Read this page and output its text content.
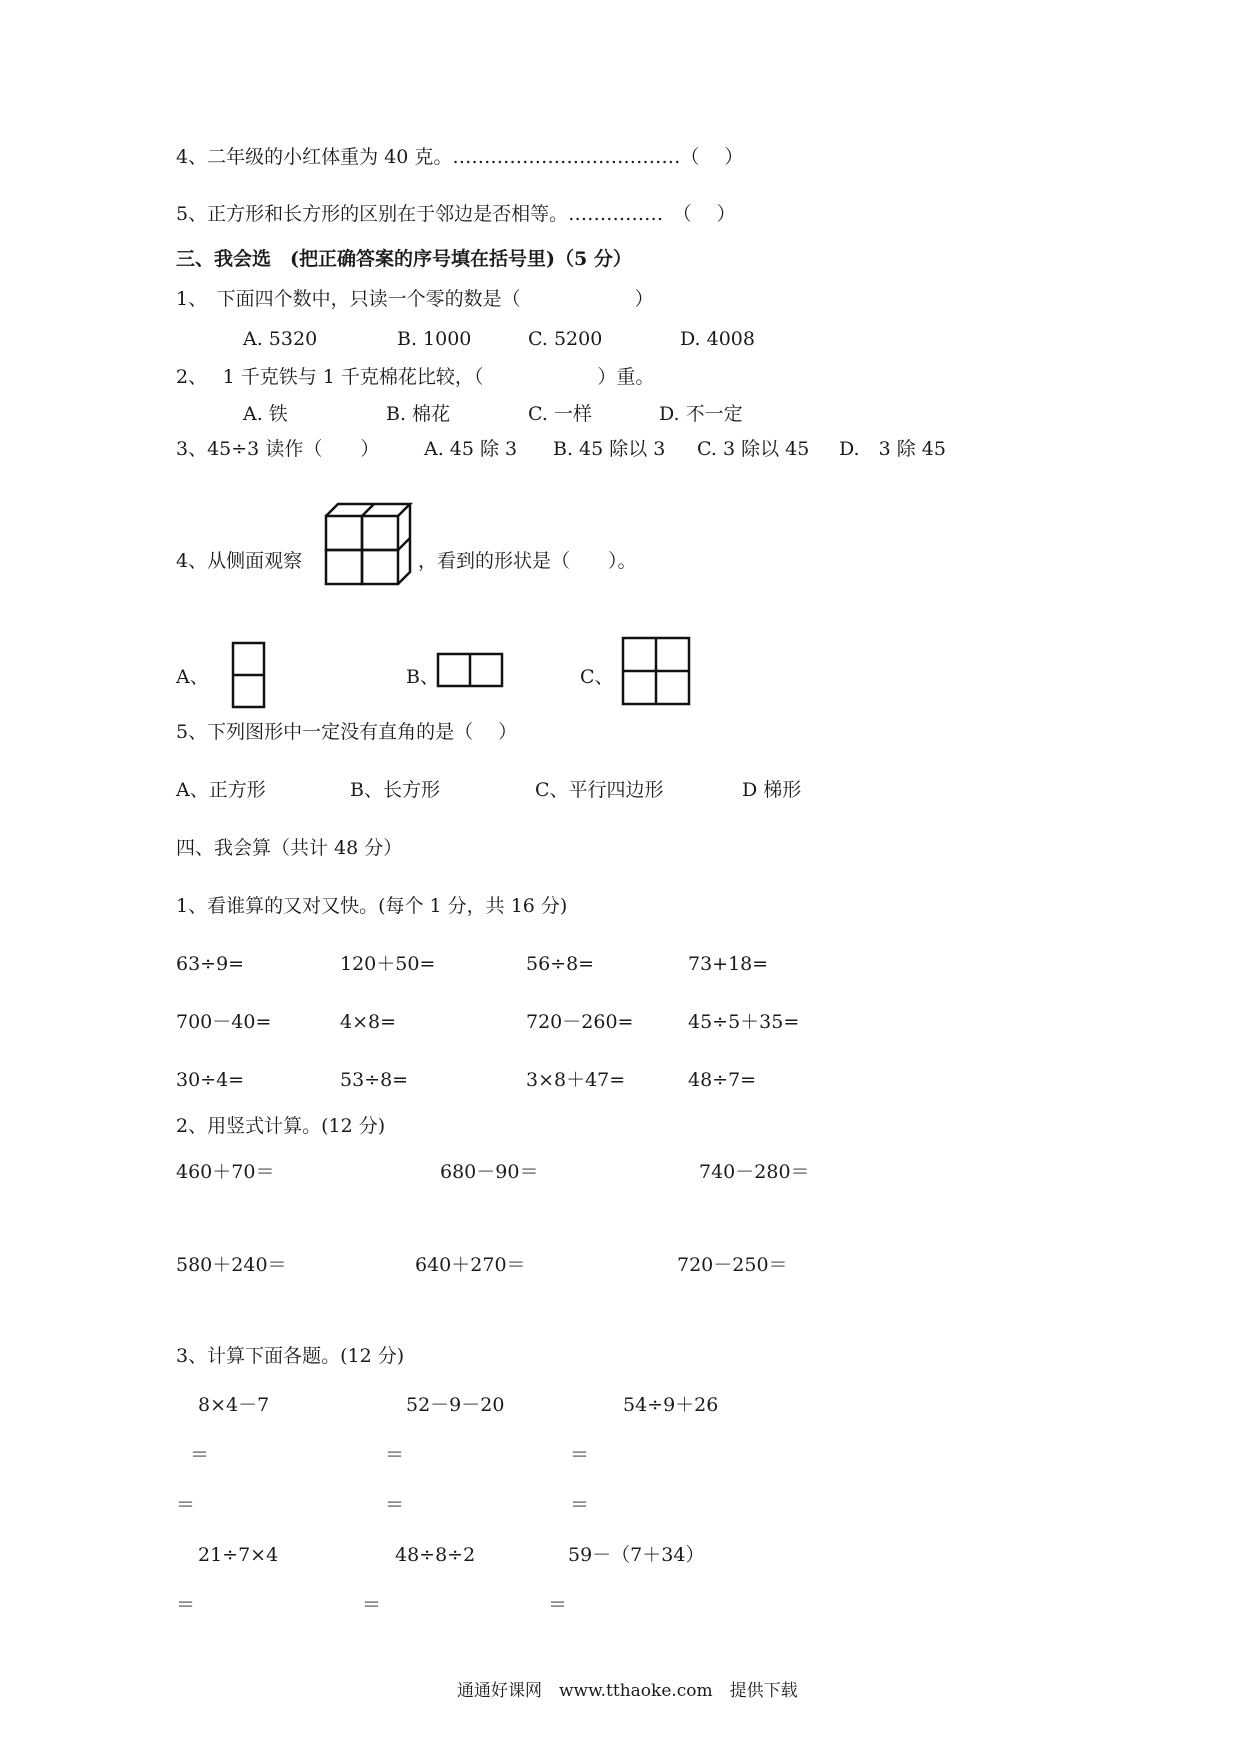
4、二年级的小红体重为 40 克。………………………………（　 ）
5、正方形和长方形的区别在于邻边是否相等。……………　（　 ）
三、我会选　(把正确答案的序号填在括号里)（5 分）
1、　下面四个数中，只读一个零的数是（　　　　　　）
A. 5320	B. 1000	C. 5200	D. 4008
2、　 1 千克铁与 1 千克棉花比较，（　　　　　　）重。
A. 铁	B. 棉花	C. 一样	D. 不一定
3、45÷3 读作（　　） A. 45 除 3 B. 45 除以 3 C. 3 除以 45 D.　3 除 45
4、从侧面观察	，看到的形状是（　　）。
A、	B、	C、
5、下列图形中一定没有直角的是（　 ）
A、正方形	B、长方形	C、平行四边形	D 梯形
四、我会算（共计 48 分）
1、看谁算的又对又快。(每个 1 分，共 16 分)
63÷9=	120＋50=	56÷8=	73+18=
700－40=	4×8=	720－260=	45÷5＋35=
30÷4=	53÷8=	3×8＋47=	48÷7=
2、用竖式计算。(12 分)
460＋70＝	680－90＝	740－280＝
580＋240＝	640＋270＝	720－250＝
3、计算下面各题。(12 分)
8×4－7	52－9－20	54÷9＋26
＝	＝	＝
＝	＝	＝
21÷7×4	48÷8÷2	59－（7＋34）
＝	＝	＝
通通好课网　www.tthaoke.com　提供下载
